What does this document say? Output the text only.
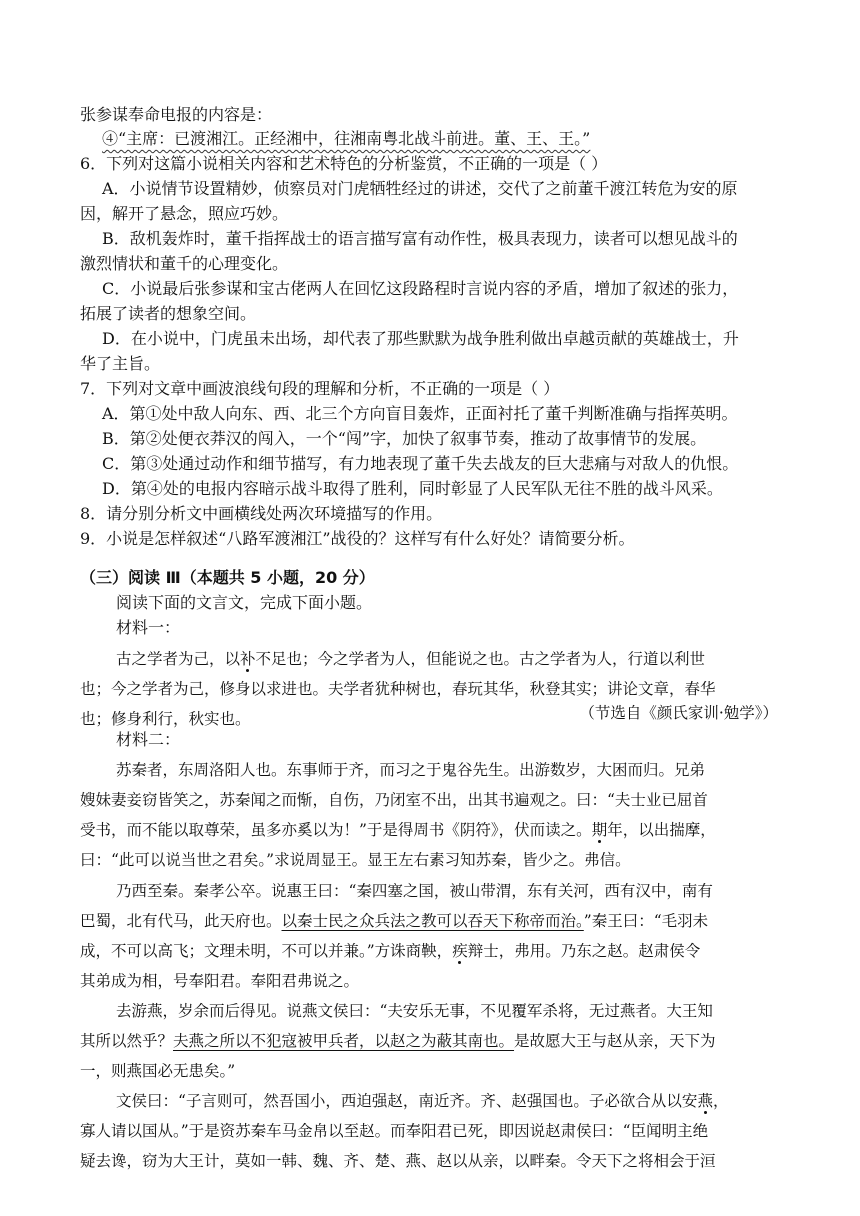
张参谋奉命电报的内容是：
④“主席：已渡湘江。正经湘中，往湘南粤北战斗前进。董、王、王。”
6．下列对这篇小说相关内容和艺术特色的分析鉴赏，不正确的一项是（ ）
A．小说情节设置精妙，侦察员对门虎牺牲经过的讲述，交代了之前董千渡江转危为安的原
因，解开了悬念，照应巧妙。
B．敌机轰炸时，董千指挥战士的语言描写富有动作性，极具表现力，读者可以想见战斗的
激烈情状和董千的心理变化。
C．小说最后张参谋和宝古佬两人在回忆这段路程时言说内容的矛盾，增加了叙述的张力，
拓展了读者的想象空间。
D．在小说中，门虎虽未出场，却代表了那些默默为战争胜利做出卓越贡献的英雄战士，升
华了主旨。
7．下列对文章中画波浪线句段的理解和分析，不正确的一项是（ ）
A．第①处中敌人向东、西、北三个方向盲目轰炸，正面衬托了董千判断准确与指挥英明。
B．第②处便衣莽汉的闯入，一个“闯”字，加快了叙事节奏，推动了故事情节的发展。
C．第③处通过动作和细节描写，有力地表现了董千失去战友的巨大悲痛与对敌人的仇恨。
D．第④处的电报内容暗示战斗取得了胜利，同时彰显了人民军队无往不胜的战斗风采。
8．请分别分析文中画横线处两次环境描写的作用。
9．小说是怎样叙述“八路军渡湘江”战役的？这样写有什么好处？请简要分析。
（三）阅读 Ⅲ（本题共 5 小题，20 分）
阅读下面的文言文，完成下面小题。
材料一：
古之学者为己，以补不足也；今之学者为人，但能说之也。古之学者为人，行道以利世
也；今之学者为己，修身以求进也。夫学者犹种树也，春玩其华，秋登其实；讲论文章，春华
也；修身利行，秋实也。	（节选自《颜氏家训·勉学》）
材料二：
苏秦者，东周洛阳人也。东事师于齐，而习之于鬼谷先生。出游数岁，大困而归。兄弟
嫂妹妻妾窃皆笑之，苏秦闻之而惭，自伤，乃闭室不出，出其书遍观之。曰：“夫士业已屈首
受书，而不能以取尊荣，虽多亦奚以为！”于是得周书《阴符》，伏而读之。期年，以出揣摩，
曰：“此可以说当世之君矣。”求说周显王。显王左右素习知苏秦，皆少之。弗信。
乃西至秦。秦孝公卒。说惠王曰：“秦四塞之国，被山带渭，东有关河，西有汉中，南有
巴蜀，北有代马，此天府也。以秦士民之众兵法之教可以吞天下称帝而治。”秦王曰：“毛羽未
成，不可以高飞；文理未明，不可以并兼。”方诛商鞅，疾辩士，弗用。乃东之赵。赵肃侯令
其弟成为相，号奉阳君。奉阳君弗说之。
去游燕，岁余而后得见。说燕文侯曰：“夫安乐无事，不见覆军杀将，无过燕者。大王知
其所以然乎？夫燕之所以不犯寇被甲兵者，以赵之为蔽其南也。是故愿大王与赵从亲，天下为
一，则燕国必无患矣。”
文侯曰：“子言则可，然吾国小，西迫强赵，南近齐。齐、赵强国也。子必欲合从以安燕，
寡人请以国从。”于是资苏秦车马金帛以至赵。而奉阳君已死，即因说赵肃侯曰：“臣闻明主绝
疑去谗，窃为大王计，莫如一韩、魏、齐、楚、燕、赵以从亲，以畔秦。令天下之将相会于洹
